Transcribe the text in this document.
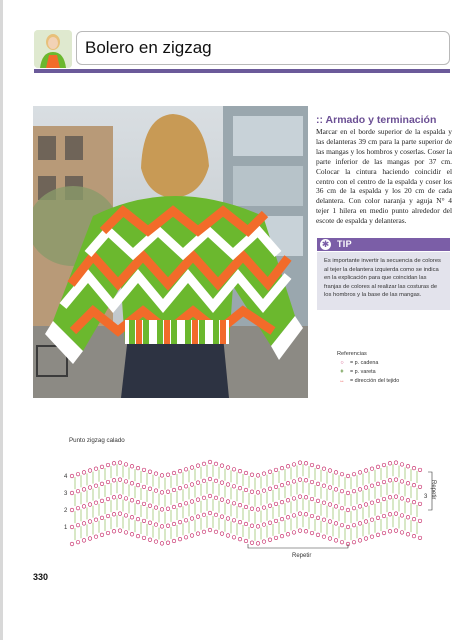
Bolero en zigzag
:: Armado y terminación

Marcar en el borde superior de la espalda y las delanteras 39 cm para la parte superior de las mangas y los hombros y coserlas. Coser la parte inferior de las mangas por 37 cm. Colocar la cintura haciendo coincidir el centro con el centro de la espalda y coser los 36 cm de la espalda y los 20 cm de cada delantera. Con color naranja y aguja N° 4 tejer 1 hilera en medio punto alrededor del escote de espalda y delanteras.

✱ TIP

Es importante invertir la secuencia de colores al tejer la delantera izquierda como se indica en la explicación para que coincidan las franjas de colores al realizar las costuras de los hombros y la base de las mangas.

Referencias
○ = p. cadena
ǂ = p. vareta
↔ = dirección del tejido
Punto zigzag calado
4
3
2
1
3
Repetir
Repetir
330
